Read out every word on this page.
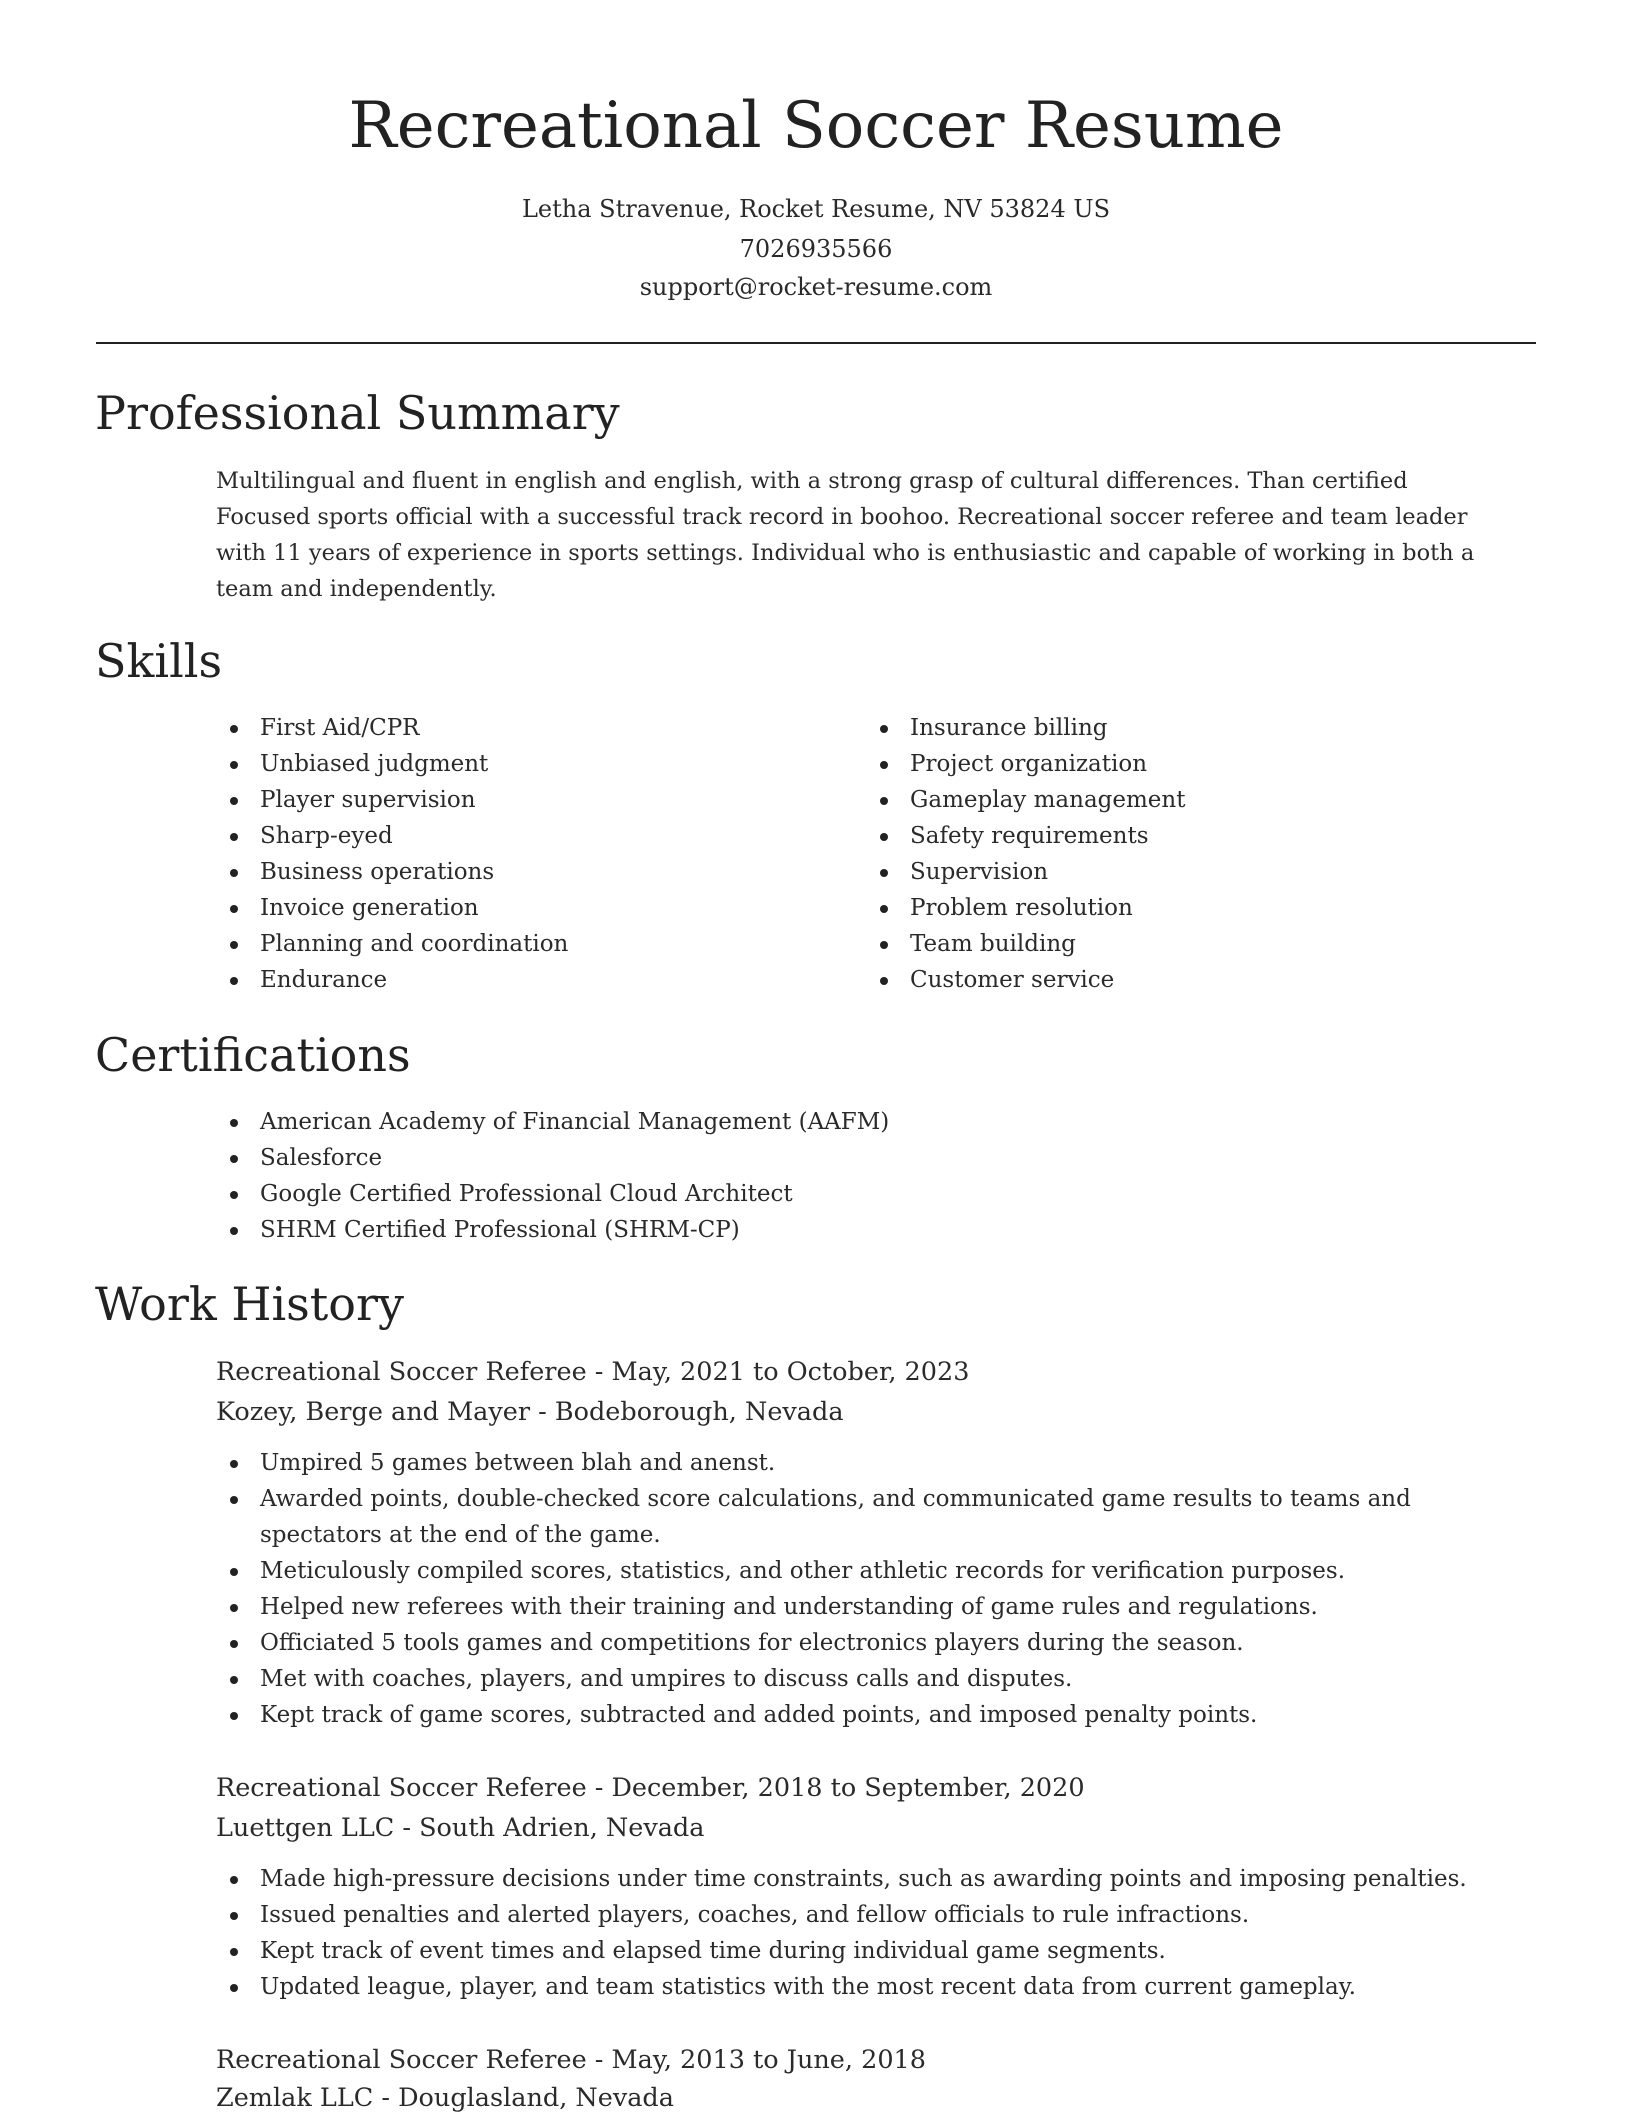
Recreational Soccer Resume
Letha Stravenue, Rocket Resume, NV 53824 US
7026935566
support@rocket-resume.com
Professional Summary
Multilingual and fluent in english and english, with a strong grasp of cultural differences. Than certified
Focused sports official with a successful track record in boohoo. Recreational soccer referee and team leader
with 11 years of experience in sports settings. Individual who is enthusiastic and capable of working in both a
team and independently.
Skills
First Aid/CPR
Unbiased judgment
Player supervision
Sharp-eyed
Business operations
Invoice generation
Planning and coordination
Endurance
Insurance billing
Project organization
Gameplay management
Safety requirements
Supervision
Problem resolution
Team building
Customer service
Certifications
American Academy of Financial Management (AAFM)
Salesforce
Google Certified Professional Cloud Architect
SHRM Certified Professional (SHRM-CP)
Work History
Recreational Soccer Referee - May, 2021 to October, 2023
Kozey, Berge and Mayer - Bodeborough, Nevada
Umpired 5 games between blah and anenst.
Awarded points, double-checked score calculations, and communicated game results to teams and spectators at the end of the game.
Meticulously compiled scores, statistics, and other athletic records for verification purposes.
Helped new referees with their training and understanding of game rules and regulations.
Officiated 5 tools games and competitions for electronics players during the season.
Met with coaches, players, and umpires to discuss calls and disputes.
Kept track of game scores, subtracted and added points, and imposed penalty points.
Recreational Soccer Referee - December, 2018 to September, 2020
Luettgen LLC - South Adrien, Nevada
Made high-pressure decisions under time constraints, such as awarding points and imposing penalties.
Issued penalties and alerted players, coaches, and fellow officials to rule infractions.
Kept track of event times and elapsed time during individual game segments.
Updated league, player, and team statistics with the most recent data from current gameplay.
Recreational Soccer Referee - May, 2013 to June, 2018
Zemlak LLC - Douglasland, Nevada
